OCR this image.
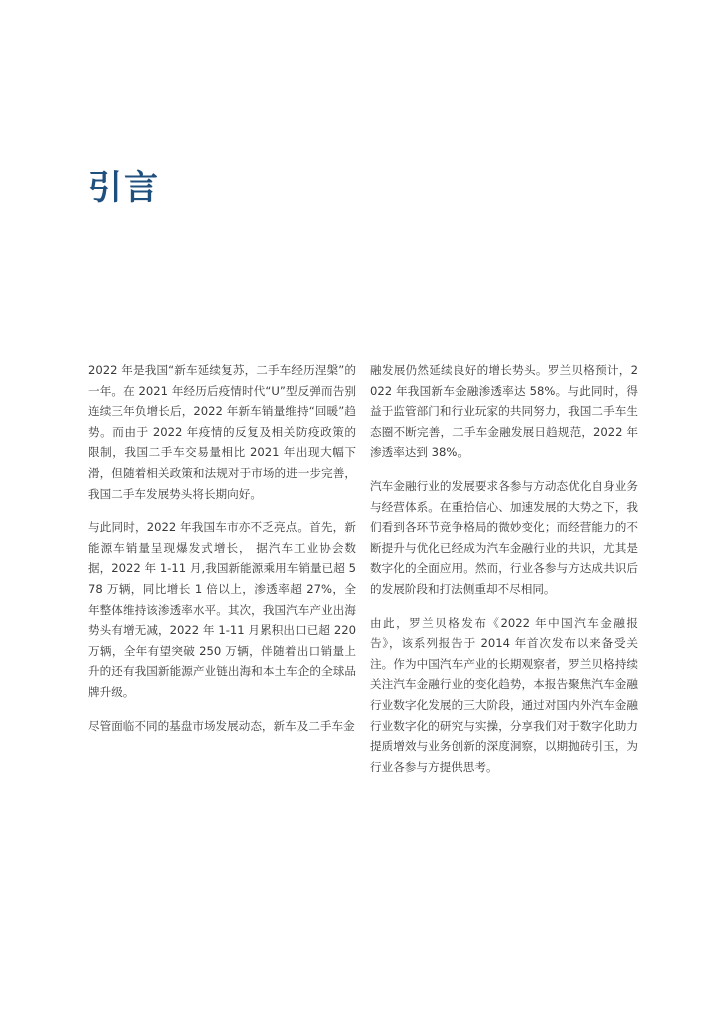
引言

2022 年是我国“新车延续复苏，二手车经历涅槃”的一年。在 2021 年经历后疫情时代“U”型反弹而告别连续三年负增长后，2022 年新车销量维持“回暖”趋势。而由于 2022 年疫情的反复及相关防疫政策的限制，我国二手车交易量相比 2021 年出现大幅下滑，但随着相关政策和法规对于市场的进一步完善，我国二手车发展势头将长期向好。

与此同时，2022 年我国车市亦不乏亮点。首先，新能源车销量呈现爆发式增长， 据汽车工业协会数据，2022 年 1-11 月,我国新能源乘用车销量已超 578 万辆，同比增长 1 倍以上，渗透率超 27%，全年整体维持该渗透率水平。其次，我国汽车产业出海势头有增无减，2022 年 1-11 月累积出口已超 220 万辆，全年有望突破 250 万辆，伴随着出口销量上升的还有我国新能源产业链出海和本土车企的全球品牌升级。

尽管面临不同的基盘市场发展动态，新车及二手车金

融发展仍然延续良好的增长势头。罗兰贝格预计，2022 年我国新车金融渗透率达 58%。与此同时，得益于监管部门和行业玩家的共同努力，我国二手车生态圈不断完善，二手车金融发展日趋规范，2022 年渗透率达到 38%。

汽车金融行业的发展要求各参与方动态优化自身业务与经营体系。在重拾信心、加速发展的大势之下，我们看到各环节竞争格局的微妙变化；而经营能力的不断提升与优化已经成为汽车金融行业的共识，尤其是数字化的全面应用。然而，行业各参与方达成共识后的发展阶段和打法侧重却不尽相同。

由此，罗兰贝格发布《2022 年中国汽车金融报告》，该系列报告于 2014 年首次发布以来备受关注。作为中国汽车产业的长期观察者，罗兰贝格持续关注汽车金融行业的变化趋势，本报告聚焦汽车金融行业数字化发展的三大阶段，通过对国内外汽车金融行业数字化的研究与实操，分享我们对于数字化助力提质增效与业务创新的深度洞察，以期抛砖引玉，为行业各参与方提供思考。
